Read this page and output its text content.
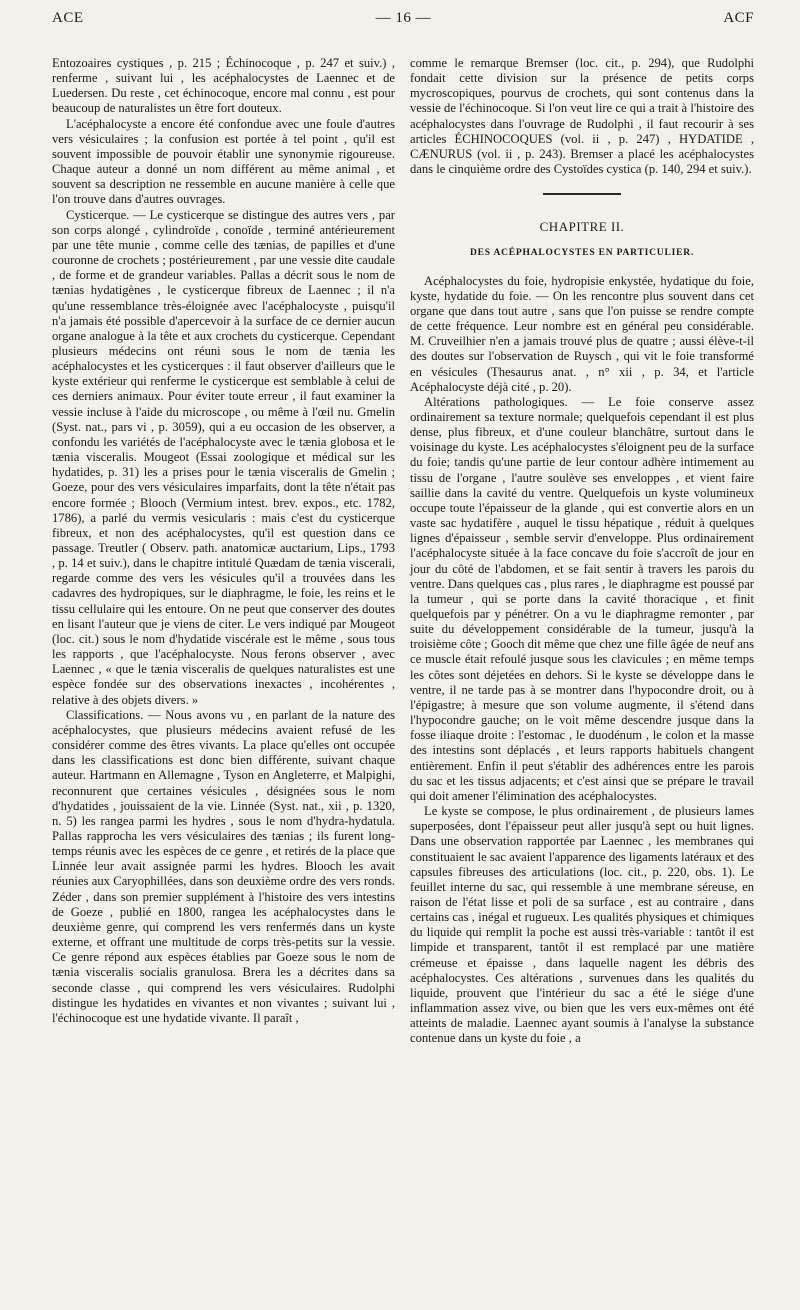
ACE	— 16 —	ACF

Entozoaires cystiques , p. 215 ; Échinocoque , p. 247 et suiv.) , renferme , suivant lui , les acéphalocystes de Laennec et de Luedersen. Du reste , cet échinocoque, encore mal connu , est pour beaucoup de naturalistes un être fort douteux.

L'acéphalocyste a encore été confondue avec une foule d'autres vers vésiculaires ; la confusion est portée à tel point , qu'il est souvent impossible de pouvoir établir une synonymie rigoureuse. Chaque auteur a donné un nom différent au même animal , et souvent sa description ne ressemble en aucune manière à celle que l'on trouve dans d'autres ouvrages.

Cysticerque. — Le cysticerque se distingue des autres vers , par son corps alongé , cylindroïde , conoïde , terminé antérieurement par une tête munie , comme celle des tænias, de papilles et d'une couronne de crochets ; postérieurement , par une vessie dite caudale , de forme et de grandeur variables. Pallas a décrit sous le nom de tænias hydatigènes , le cysticerque fibreux de Laennec ; il n'a qu'une ressemblance très-éloignée avec l'acéphalocyste , puisqu'il n'a jamais été possible d'apercevoir à la surface de ce dernier aucun organe analogue à la tête et aux crochets du cysticerque. Cependant plusieurs médecins ont réuni sous le nom de tænia les acéphalocystes et les cysticerques : il faut observer d'ailleurs que le kyste extérieur qui renferme le cysticerque est semblable à celui de ces derniers animaux. Pour éviter toute erreur , il faut examiner la vessie incluse à l'aide du microscope , ou même à l'œil nu. Gmelin (Syst. nat., pars vi , p. 3059), qui a eu occasion de les observer, a confondu les variétés de l'acéphalocyste avec le tænia globosa et le tænia visceralis. Mougeot (Essai zoologique et médical sur les hydatides, p. 31) les a prises pour le tænia visceralis de Gmelin ; Goeze, pour des vers vésiculaires imparfaits, dont la tête n'était pas encore formée ; Blooch (Vermium intest. brev. expos., etc. 1782, 1786), a parlé du vermis vesicularis : mais c'est du cysticerque fibreux, et non des acéphalocystes, qu'il est question dans ce passage. Treutler ( Observ. path. anatomicæ auctarium, Lips., 1793 , p. 14 et suiv.), dans le chapitre intitulé Quædam de tænia viscerali, regarde comme des vers les vésicules qu'il a trouvées dans les cadavres des hydropiques, sur le diaphragme, le foie, les reins et le tissu cellulaire qui les entoure. On ne peut que conserver des doutes en lisant l'auteur que je viens de citer. Le vers indiqué par Mougeot (loc. cit.) sous le nom d'hydatide viscérale est le même , sous tous les rapports , que l'acéphalocyste. Nous ferons observer , avec Laennec , « que le tænia visceralis de quelques naturalistes est une espèce fondée sur des observations inexactes , incohérentes , relative à des objets divers. »

Classifications. — Nous avons vu , en parlant de la nature des acéphalocystes, que plusieurs médecins avaient refusé de les considérer comme des êtres vivants. La place qu'elles ont occupée dans les classifications est donc bien différente, suivant chaque auteur. Hartmann en Allemagne , Tyson en Angleterre, et Malpighi, reconnurent que certaines vésicules , désignées sous le nom d'hydatides , jouissaient de la vie. Linnée (Syst. nat., xii , p. 1320, n. 5) les rangea parmi les hydres , sous le nom d'hydra-hydatula. Pallas rapprocha les vers vésiculaires des tænias ; ils furent long-temps réunis avec les espèces de ce genre , et retirés de la place que Linnée leur avait assignée parmi les hydres. Blooch les avait réunies aux Caryophillées, dans son deuxième ordre des vers ronds. Zéder , dans son premier supplément à l'histoire des vers intestins de Goeze , publié en 1800, rangea les acéphalocystes dans le deuxième genre, qui comprend les vers renfermés dans un kyste externe, et offrant une multitude de corps très-petits sur la vessie. Ce genre répond aux espèces établies par Goeze sous le nom de tænia visceralis socialis granulosa. Brera les a décrites dans sa seconde classe , qui comprend les vers vésiculaires. Rudolphi distingue les hydatides en vivantes et non vivantes ; suivant lui , l'échinocoque est une hydatide vivante. Il paraît ,

comme le remarque Bremser (loc. cit., p. 294), que Rudolphi fondait cette division sur la présence de petits corps mycroscopiques, pourvus de crochets, qui sont contenus dans la vessie de l'échinocoque. Si l'on veut lire ce qui a trait à l'histoire des acéphalocystes dans l'ouvrage de Rudolphi , il faut recourir à ses articles ÉCHINOCOQUES (vol. ii , p. 247) , HYDATIDE , CÆNURUS (vol. ii , p. 243). Bremser a placé les acéphalocystes dans le cinquième ordre des Cystoïdes cystica (p. 140, 294 et suiv.).

CHAPITRE II.
DES ACÉPHALOCYSTES EN PARTICULIER.

Acéphalocystes du foie, hydropisie enkystée, hydatique du foie, kyste, hydatide du foie. — On les rencontre plus souvent dans cet organe que dans tout autre , sans que l'on puisse se rendre compte de cette fréquence. Leur nombre est en général peu considérable. M. Cruveilhier n'en a jamais trouvé plus de quatre ; aussi élève-t-il des doutes sur l'observation de Ruysch , qui vit le foie transformé en vésicules (Thesaurus anat. , n° xii , p. 34, et l'article Acéphalocyste déjà cité , p. 20).

Altérations pathologiques. — Le foie conserve assez ordinairement sa texture normale; quelquefois cependant il est plus dense, plus fibreux, et d'une couleur blanchâtre, surtout dans le voisinage du kyste. Les acéphalocystes s'éloignent peu de la surface du foie; tandis qu'une partie de leur contour adhère intimement au tissu de l'organe , l'autre soulève ses enveloppes , et vient faire saillie dans la cavité du ventre. Quelquefois un kyste volumineux occupe toute l'épaisseur de la glande , qui est convertie alors en un vaste sac hydatifère , auquel le tissu hépatique , réduit à quelques lignes d'épaisseur , semble servir d'enveloppe. Plus ordinairement l'acéphalocyste située à la face concave du foie s'accroît de jour en jour du côté de l'abdomen, et se fait sentir à travers les parois du ventre. Dans quelques cas , plus rares , le diaphragme est poussé par la tumeur , qui se porte dans la cavité thoracique , et finit quelquefois par y pénétrer. On a vu le diaphragme remonter , par suite du développement considérable de la tumeur, jusqu'à la troisième côte ; Gooch dit même que chez une fille âgée de neuf ans ce muscle était refoulé jusque sous les clavicules ; en même temps les côtes sont déjetées en dehors. Si le kyste se développe dans le ventre, il ne tarde pas à se montrer dans l'hypocondre droit, ou à l'épigastre; à mesure que son volume augmente, il s'étend dans l'hypocondre gauche; on le voit même descendre jusque dans la fosse iliaque droite : l'estomac , le duodénum , le colon et la masse des intestins sont déplacés , et leurs rapports habituels changent entièrement. Enfin il peut s'établir des adhérences entre les parois du sac et les tissus adjacents; et c'est ainsi que se prépare le travail qui doit amener l'élimination des acéphalocystes.

Le kyste se compose, le plus ordinairement , de plusieurs lames superposées, dont l'épaisseur peut aller jusqu'à sept ou huit lignes. Dans une observation rapportée par Laennec , les membranes qui constituaient le sac avaient l'apparence des ligaments latéraux et des capsules fibreuses des articulations (loc. cit., p. 220, obs. 1). Le feuillet interne du sac, qui ressemble à une membrane séreuse, en raison de l'état lisse et poli de sa surface , est au contraire , dans certains cas , inégal et rugueux. Les qualités physiques et chimiques du liquide qui remplit la poche est aussi très-variable : tantôt il est limpide et transparent, tantôt il est remplacé par une matière crémeuse et épaisse , dans laquelle nagent les débris des acéphalocystes. Ces altérations , survenues dans les qualités du liquide, prouvent que l'intérieur du sac a été le siége d'une inflammation assez vive, ou bien que les vers eux-mêmes ont été atteints de maladie. Laennec ayant soumis à l'analyse la substance contenue dans un kyste du foie , a
